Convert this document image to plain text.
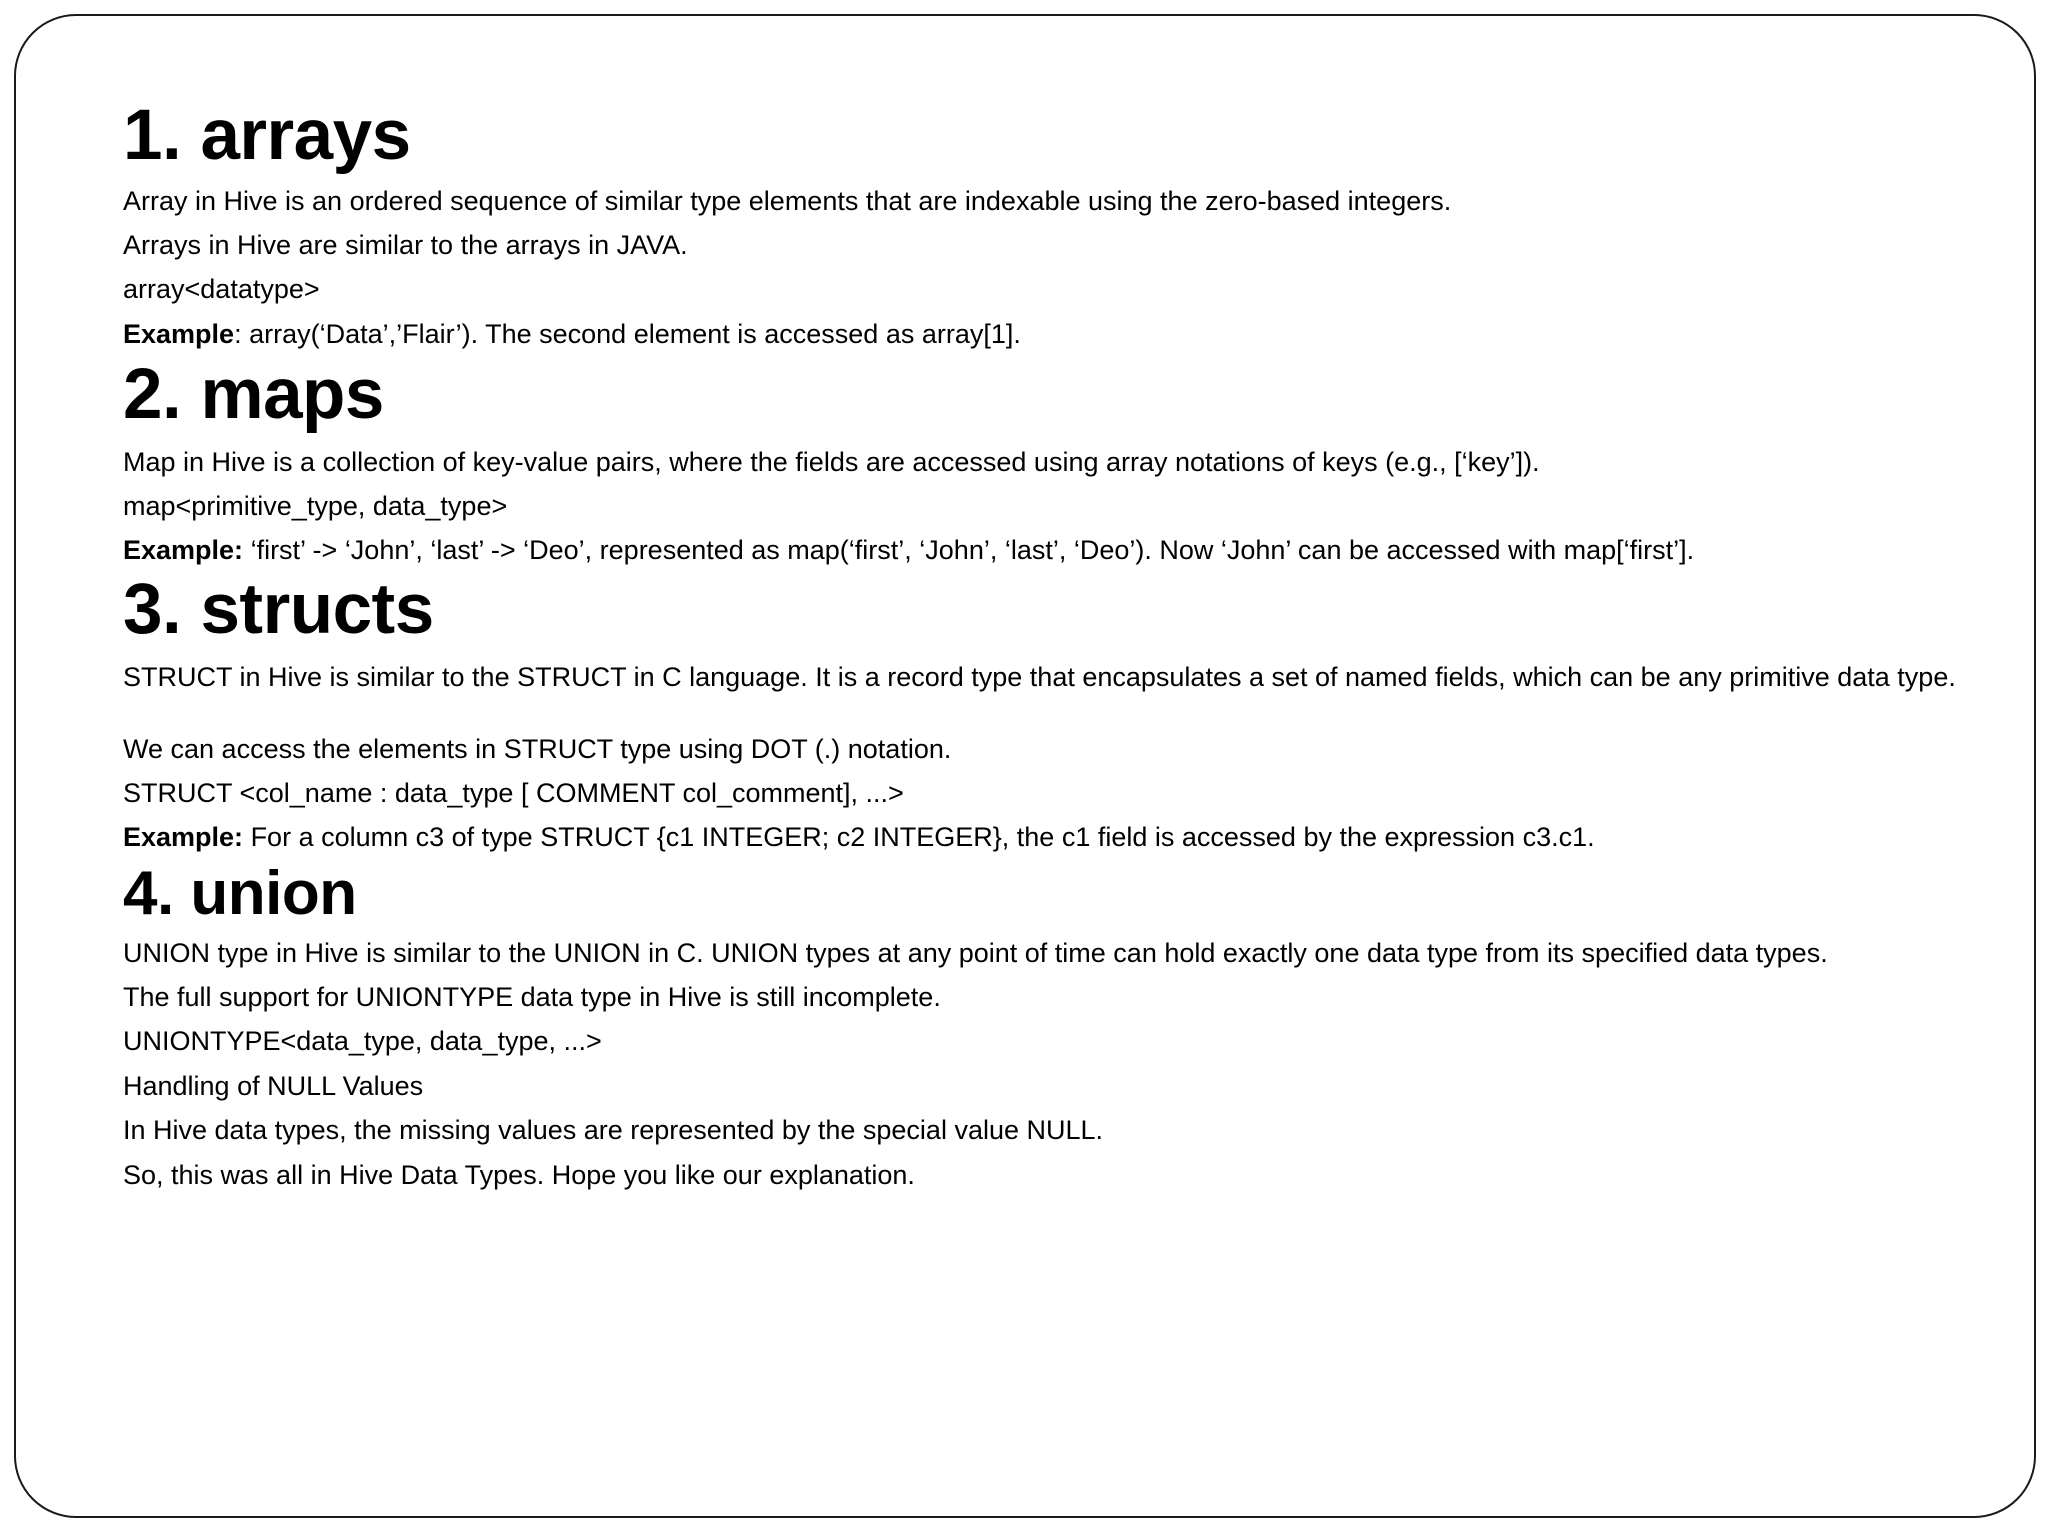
1. arrays

Array in Hive is an ordered sequence of similar type elements that are indexable using the zero-based integers.

Arrays in Hive are similar to the arrays in JAVA.

array<datatype>

Example: array(‘Data’,’Flair’). The second element is accessed as array[1].

2. maps

Map in Hive is a collection of key-value pairs, where the fields are accessed using array notations of keys (e.g., [‘key’]).

map<primitive_type, data_type>

Example: ‘first’ -> ‘John’, ‘last’ -> ‘Deo’, represented as map(‘first’, ‘John’, ‘last’, ‘Deo’). Now ‘John’ can be accessed with map[‘first’].

3. structs

STRUCT in Hive is similar to the STRUCT in C language. It is a record type that encapsulates a set of named fields, which can be any primitive data type.

We can access the elements in STRUCT type using DOT (.) notation.

STRUCT <col_name : data_type [ COMMENT col_comment], ...>

Example: For a column c3 of type STRUCT {c1 INTEGER; c2 INTEGER}, the c1 field is accessed by the expression c3.c1.

4. union

UNION type in Hive is similar to the UNION in C. UNION types at any point of time can hold exactly one data type from its specified data types.

The full support for UNIONTYPE data type in Hive is still incomplete.

UNIONTYPE<data_type, data_type, ...>

Handling of NULL Values

In Hive data types, the missing values are represented by the special value NULL.

So, this was all in Hive Data Types. Hope you like our explanation.
